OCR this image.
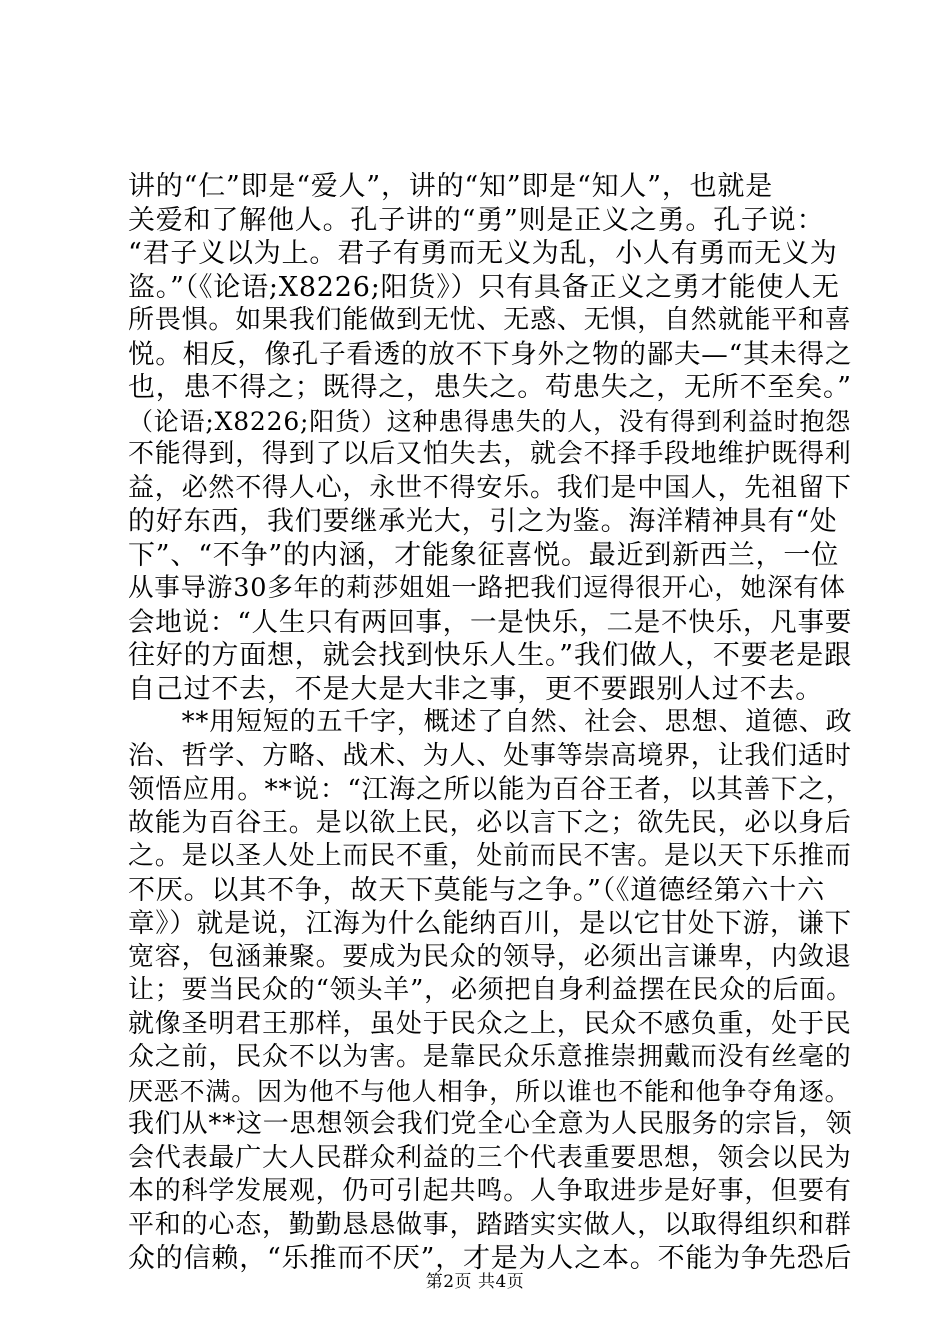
讲的“仁”即是“爱人”，讲的“知”即是“知人”，也就是
关爱和了解他人。孔子讲的“勇”则是正义之勇。孔子说：
“君子义以为上。君子有勇而无义为乱，小人有勇而无义为
盗。”（《论语;X8226;阳货》）只有具备正义之勇才能使人无
所畏惧。如果我们能做到无忧、无惑、无惧，自然就能平和喜
悦。相反，像孔子看透的放不下身外之物的鄙夫—“其未得之
也，患不得之；既得之，患失之。苟患失之，无所不至矣。”
（论语;X8226;阳货）这种患得患失的人，没有得到利益时抱怨
不能得到，得到了以后又怕失去，就会不择手段地维护既得利
益，必然不得人心，永世不得安乐。我们是中国人，先祖留下
的好东西，我们要继承光大，引之为鉴。海洋精神具有“处
下”、“不争”的内涵，才能象征喜悦。最近到新西兰，一位
从事导游30多年的莉莎姐姐一路把我们逗得很开心，她深有体
会地说：“人生只有两回事，一是快乐，二是不快乐，凡事要
往好的方面想，就会找到快乐人生。”我们做人，不要老是跟
自己过不去，不是大是大非之事，更不要跟别人过不去。
　　**用短短的五千字，概述了自然、社会、思想、道德、政
治、哲学、方略、战术、为人、处事等崇高境界，让我们适时
领悟应用。**说：“江海之所以能为百谷王者，以其善下之，
故能为百谷王。是以欲上民，必以言下之；欲先民，必以身后
之。是以圣人处上而民不重，处前而民不害。是以天下乐推而
不厌。以其不争，故天下莫能与之争。”（《道德经第六十六
章》）就是说，江海为什么能纳百川，是以它甘处下游，谦下
宽容，包涵兼聚。要成为民众的领导，必须出言谦卑，内敛退
让；要当民众的“领头羊”，必须把自身利益摆在民众的后面。
就像圣明君王那样，虽处于民众之上，民众不感负重，处于民
众之前，民众不以为害。是靠民众乐意推崇拥戴而没有丝毫的
厌恶不满。因为他不与他人相争，所以谁也不能和他争夺角逐。
我们从**这一思想领会我们党全心全意为人民服务的宗旨，领
会代表最广大人民群众利益的三个代表重要思想，领会以民为
本的科学发展观，仍可引起共鸣。人争取进步是好事，但要有
平和的心态，勤勤恳恳做事，踏踏实实做人，以取得组织和群
众的信赖，“乐推而不厌”，才是为人之本。不能为争先恐后
第2页 共4页
